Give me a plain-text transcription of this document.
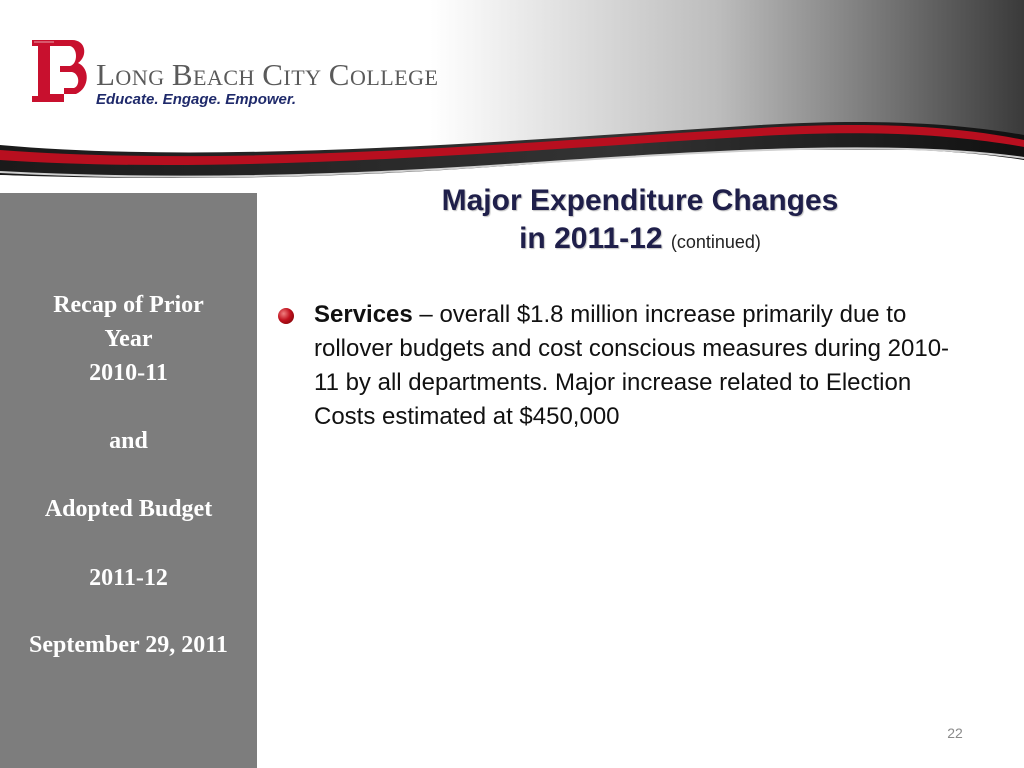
Long Beach City College
Educate. Engage. Empower.
Recap of Prior
Year
2010-11
and
Adopted Budget
2011-12
September 29, 2011
Major Expenditure Changes
in 2011-12 (continued)
Services – overall $1.8 million increase primarily due to rollover budgets and cost conscious measures during 2010-11 by all departments. Major increase related to Election Costs estimated at $450,000
22
